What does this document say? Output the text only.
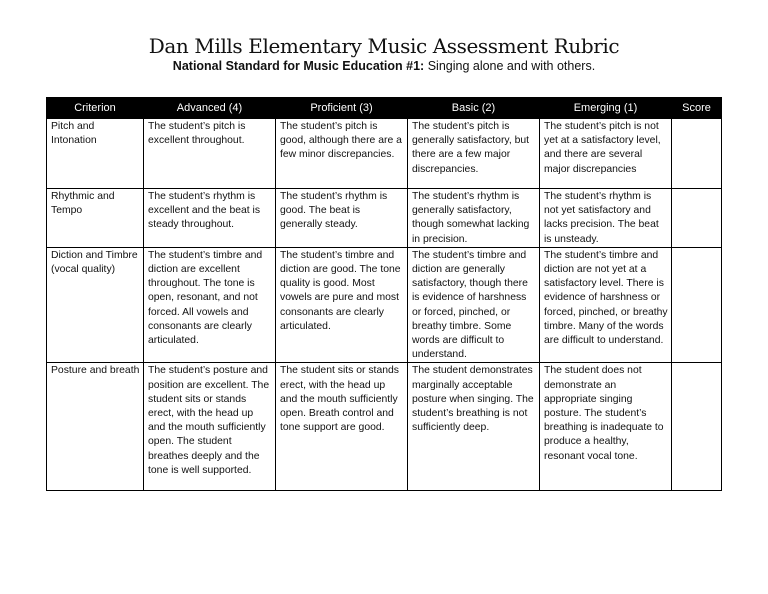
Dan Mills Elementary Music Assessment Rubric
National Standard for Music Education #1: Singing alone and with others.
Criterion	Advanced (4)	Proficient (3)	Basic (2)	Emerging (1)	Score
Pitch and Intonation	The student’s pitch is excellent throughout.	The student’s pitch is good, although there are a few minor discrepancies.	The student’s pitch is generally satisfactory, but there are a few major discrepancies.	The student’s pitch is not yet at a satisfactory level, and there are several major discrepancies	
Rhythmic and Tempo	The student’s rhythm is excellent and the beat is steady throughout.	The student’s rhythm is good. The beat is generally steady.	The student’s rhythm is generally satisfactory, though somewhat lacking in precision.	The student’s rhythm is not yet satisfactory and lacks precision. The beat is unsteady.	
Diction and Timbre (vocal quality)	The student’s timbre and diction are excellent throughout. The tone is open, resonant, and not forced. All vowels and consonants are clearly articulated.	The student’s timbre and diction are good. The tone quality is good. Most vowels are pure and most consonants are clearly articulated.	The student’s timbre and diction are generally satisfactory, though there is evidence of harshness or forced, pinched, or breathy timbre. Some words are difficult to understand.	The student’s timbre and diction are not yet at a satisfactory level. There is evidence of harshness or forced, pinched, or breathy timbre. Many of the words are difficult to understand.	
Posture and breath	The student’s posture and position are excellent. The student sits or stands erect, with the head up and the mouth sufficiently open. The student breathes deeply and the tone is well supported.	The student sits or stands erect, with the head up and the mouth sufficiently open. Breath control and tone support are good.	The student demonstrates marginally acceptable posture when singing. The student’s breathing is not sufficiently deep.	The student does not demonstrate an appropriate singing posture. The student’s breathing is inadequate to produce a healthy, resonant vocal tone.	
